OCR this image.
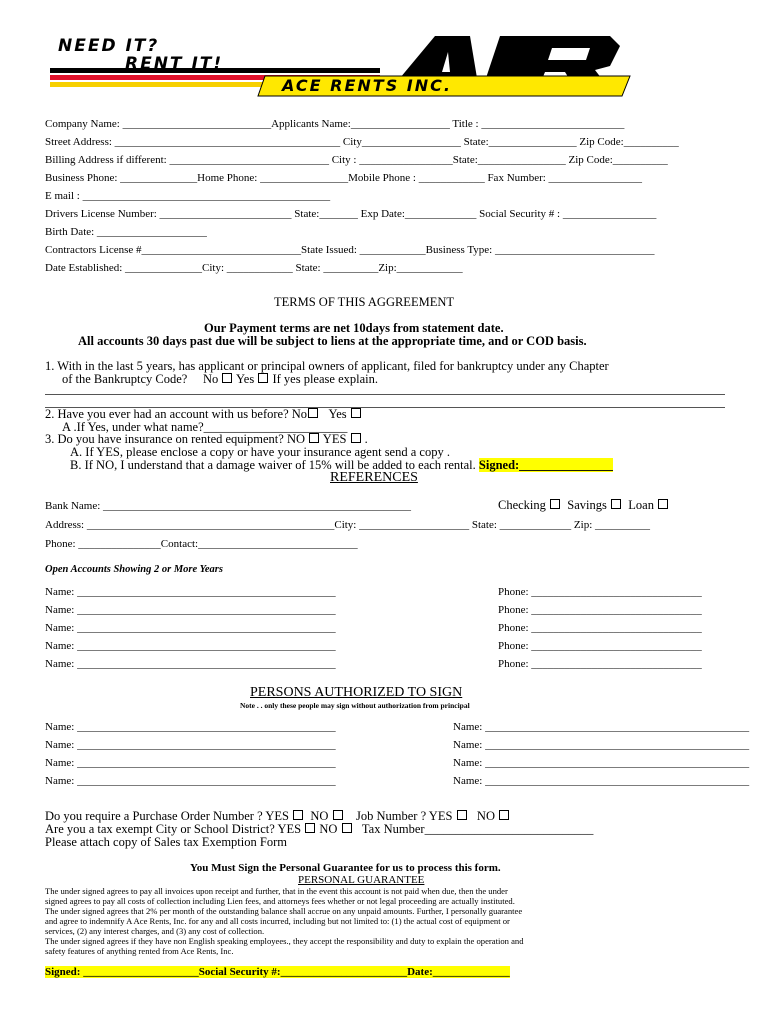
NEED IT?
RENT IT!
ACE RENTS INC.
Company Name: ___________________________Applicants Name:__________________ Title : __________________________
Street Address: _________________________________________ City__________________ State:________________ Zip Code:__________
Billing Address if different: _____________________________ City : _________________State:________________ Zip Code:__________
Business Phone: ______________Home Phone: ________________Mobile Phone : ____________ Fax Number: _________________
E mail : _____________________________________________
Drivers License Number: ________________________ State:_______ Exp Date:_____________ Social Security # : _________________
Birth Date: ____________________
Contractors License #_____________________________State Issued: ____________Business Type: _____________________________
Date Established: ______________City: ____________ State: __________Zip:____________
TERMS OF THIS AGGREEMENT
Our Payment terms are net 10days from statement date.
All accounts 30 days past due will be subject to liens at the appropriate time, and or COD basis.
1. With in the last 5 years, has applicant or principal owners of applicant, filed for bankruptcy under any Chapter
of the Bankruptcy Code? No Yes If yes please explain.
2. Have you ever had an account with us before? No Yes
A .If Yes, under what name?_______________________
3. Do you have insurance on rented equipment? NO YES  .
A. If YES, please enclose a copy or have your insurance agent send a copy .
B. If NO, I understand that a damage waiver of 15% will be added to each rental. Signed:_______________
REFERENCES
Bank Name: ________________________________________________________	Checking Savings Loan
Address: _____________________________________________City: ____________________ State: _____________ Zip: __________
Phone: _______________Contact:_____________________________
Open Accounts Showing 2 or More Years
Name: _______________________________________________
Name: _______________________________________________
Name: _______________________________________________
Name: _______________________________________________
Name: _______________________________________________
Phone: _______________________________
Phone: _______________________________
Phone: _______________________________
Phone: _______________________________
Phone: _______________________________
PERSONS AUTHORIZED TO SIGN
Note . . only these people may sign without authorization from principal
Name: _______________________________________________
Name: _______________________________________________
Name: _______________________________________________
Name: _______________________________________________
Name: ________________________________________________
Name: ________________________________________________
Name: ________________________________________________
Name: ________________________________________________
Do you require a Purchase Order Number ? YES NO Job Number ? YES NO
Are you a tax exempt City or School District? YES NO Tax Number___________________________
Please attach copy of Sales tax Exemption Form
You Must Sign the Personal Guarantee for us to process this form.
PERSONAL GUARANTEE
The under signed agrees to pay all invoices upon receipt and further, that in the event this account is not paid when due, then the under
signed agrees to pay all costs of collection including Lien fees, and attorneys fees whether or not legal proceeding are actually instituted.
The under signed agrees that 2% per month of the outstanding balance shall accrue on any unpaid amounts. Further, I personally guarantee
and agree to indemnify A Ace Rents, Inc. for any and all costs incurred, including but not limited to: (1) the actual cost of equipment or
services, (2) any interest charges, and (3) any cost of collection.
The under signed agrees if they have non English speaking employees., they accept the responsibility and duty to explain the operation and
safety features of anything rented from Ace Rents, Inc.
Signed: _____________________Social Security #:_______________________Date:______________
